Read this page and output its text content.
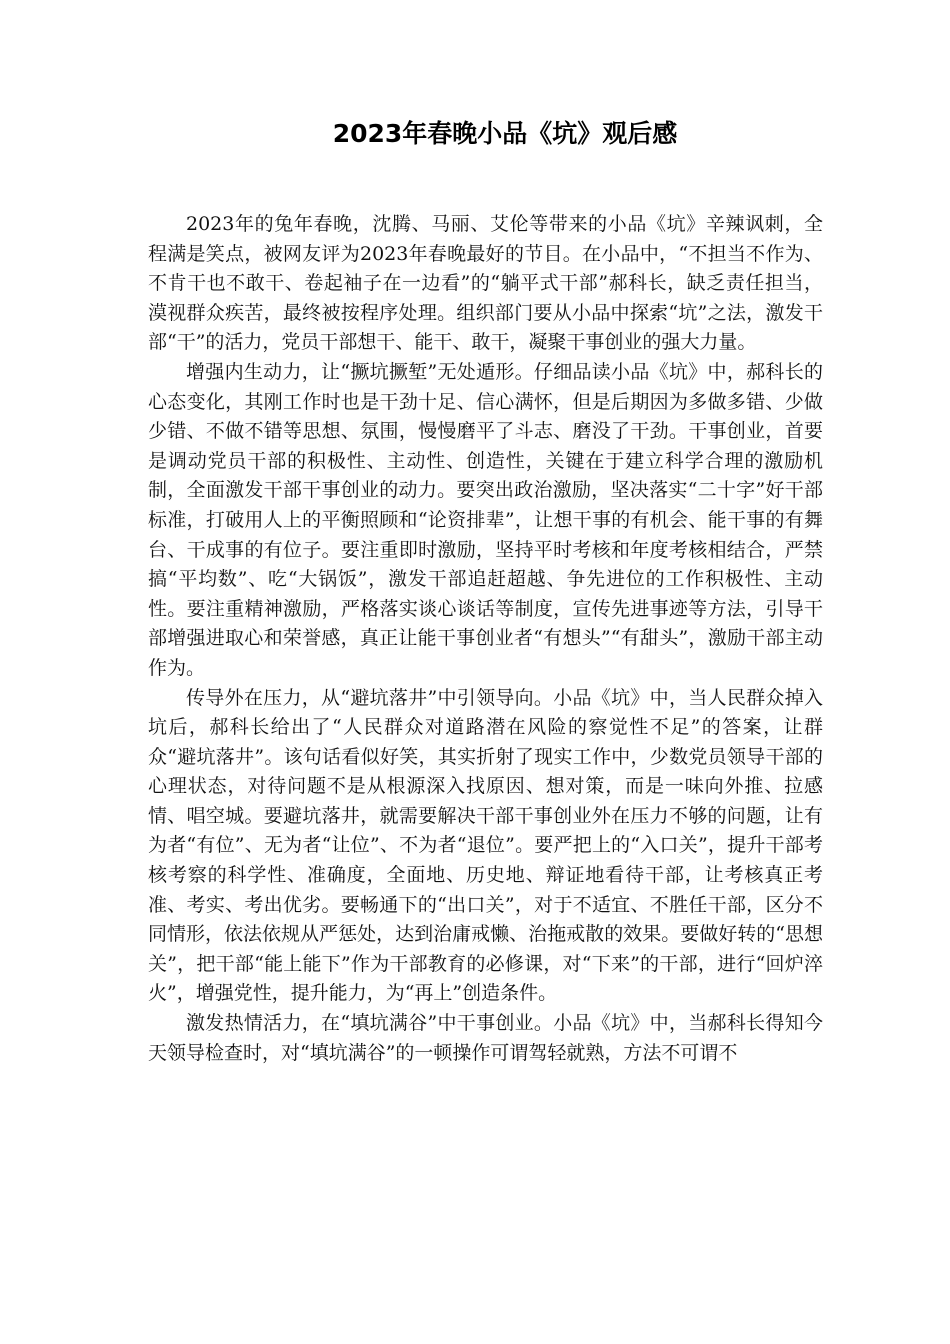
2023年春晚小品《坑》观后感

2023年的兔年春晚，沈腾、马丽、艾伦等带来的小品《坑》辛辣讽刺，全程满是笑点，被网友评为2023年春晚最好的节目。在小品中，“不担当不作为、不肯干也不敢干、卷起袖子在一边看”的“躺平式干部”郝科长，缺乏责任担当，漠视群众疾苦，最终被按程序处理。组织部门要从小品中探索“坑”之法，激发干部“干”的活力，党员干部想干、能干、敢干，凝聚干事创业的强大力量。

增强内生动力，让“撅坑撅堑”无处遁形。仔细品读小品《坑》中，郝科长的心态变化，其刚工作时也是干劲十足、信心满怀，但是后期因为多做多错、少做少错、不做不错等思想、氛围，慢慢磨平了斗志、磨没了干劲。干事创业，首要是调动党员干部的积极性、主动性、创造性，关键在于建立科学合理的激励机制，全面激发干部干事创业的动力。要突出政治激励，坚决落实“二十字”好干部标准，打破用人上的平衡照顾和“论资排辈”，让想干事的有机会、能干事的有舞台、干成事的有位子。要注重即时激励，坚持平时考核和年度考核相结合，严禁搞“平均数”、吃“大锅饭”，激发干部追赶超越、争先进位的工作积极性、主动性。要注重精神激励，严格落实谈心谈话等制度，宣传先进事迹等方法，引导干部增强进取心和荣誉感，真正让能干事创业者“有想头”“有甜头”，激励干部主动作为。

传导外在压力，从“避坑落井”中引领导向。小品《坑》中，当人民群众掉入坑后，郝科长给出了“人民群众对道路潜在风险的察觉性不足”的答案，让群众“避坑落井”。该句话看似好笑，其实折射了现实工作中，少数党员领导干部的心理状态，对待问题不是从根源深入找原因、想对策，而是一味向外推、拉感情、唱空城。要避坑落井，就需要解决干部干事创业外在压力不够的问题，让有为者“有位”、无为者“让位”、不为者“退位”。要严把上的“入口关”，提升干部考核考察的科学性、准确度，全面地、历史地、辩证地看待干部，让考核真正考准、考实、考出优劣。要畅通下的“出口关”，对于不适宜、不胜任干部，区分不同情形，依法依规从严惩处，达到治庸戒懒、治拖戒散的效果。要做好转的“思想关”，把干部“能上能下”作为干部教育的必修课，对“下来”的干部，进行“回炉淬火”，增强党性，提升能力，为“再上”创造条件。

激发热情活力，在“填坑满谷”中干事创业。小品《坑》中，当郝科长得知今天领导检查时，对“填坑满谷”的一顿操作可谓驾轻就熟，方法不可谓不
